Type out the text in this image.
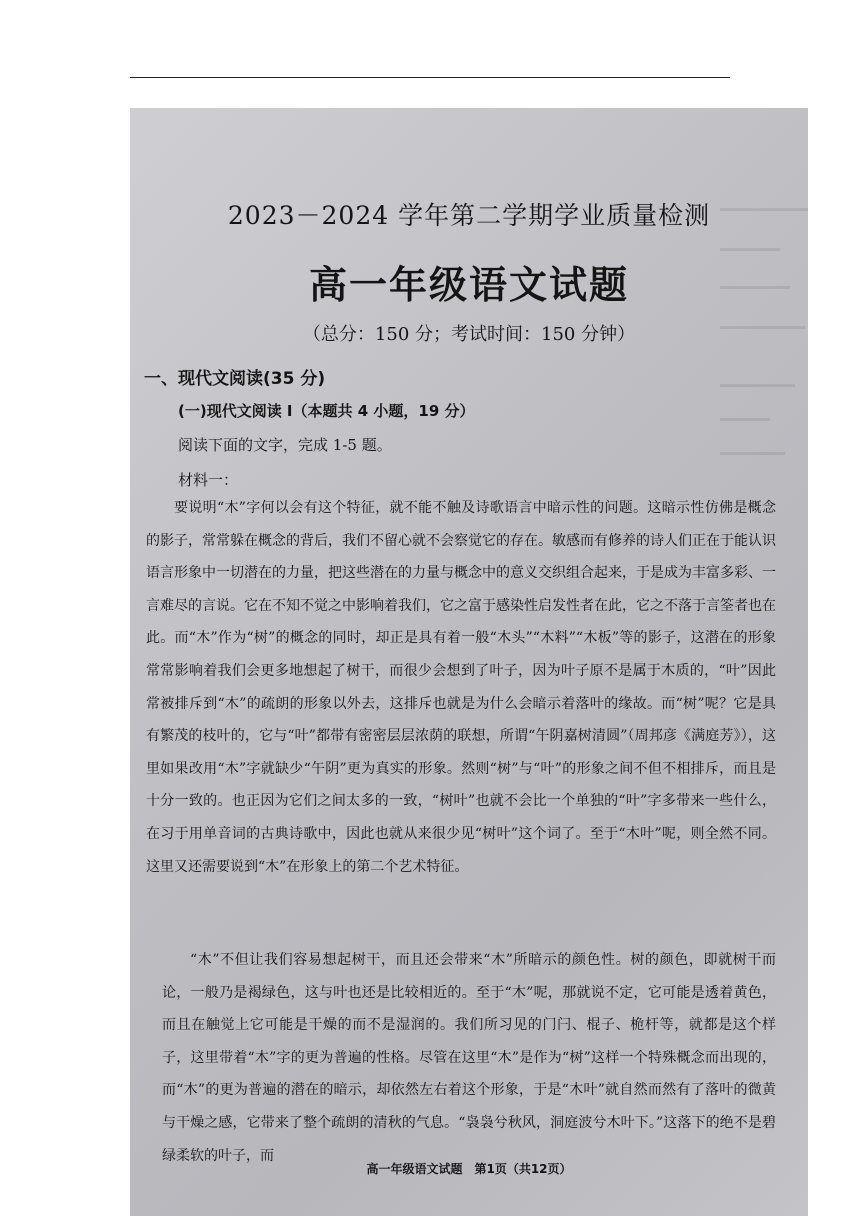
2023－2024 学年第二学期学业质量检测
高一年级语文试题
（总分：150 分；考试时间：150 分钟）
一、现代文阅读(35 分)
(一)现代文阅读 I（本题共 4 小题，19 分）
阅读下面的文字，完成 1-5 题。
材料一：

要说明“木”字何以会有这个特征，就不能不触及诗歌语言中暗示性的问题。这暗示性仿佛是概念的影子，常常躲在概念的背后，我们不留心就不会察觉它的存在。敏感而有修养的诗人们正在于能认识语言形象中一切潜在的力量，把这些潜在的力量与概念中的意义交织组合起来，于是成为丰富多彩、一言难尽的言说。它在不知不觉之中影响着我们，它之富于感染性启发性者在此，它之不落于言筌者也在此。而“木”作为“树”的概念的同时，却正是具有着一般“木头”“木料”“木板”等的影子，这潜在的形象常常影响着我们会更多地想起了树干，而很少会想到了叶子，因为叶子原不是属于木质的，“叶”因此常被排斥到“木”的疏朗的形象以外去，这排斥也就是为什么会暗示着落叶的缘故。而“树”呢？它是具有繁茂的枝叶的，它与“叶”都带有密密层层浓荫的联想，所谓“午阴嘉树清圆”（周邦彦《满庭芳》），这里如果改用“木”字就缺少“午阴”更为真实的形象。然则“树”与“叶”的形象之间不但不相排斥，而且是十分一致的。也正因为它们之间太多的一致，“树叶”也就不会比一个单独的“叶”字多带来一些什么，在习于用单音词的古典诗歌中，因此也就从来很少见“树叶”这个词了。至于“木叶”呢，则全然不同。这里又还需要说到“木”在形象上的第二个艺术特征。

“木”不但让我们容易想起树干，而且还会带来“木”所暗示的颜色性。树的颜色，即就树干而论，一般乃是褐绿色，这与叶也还是比较相近的。至于“木”呢，那就说不定，它可能是透着黄色，而且在触觉上它可能是干燥的而不是湿润的。我们所习见的门闩、棍子、桅杆等，就都是这个样子，这里带着“木”字的更为普遍的性格。尽管在这里“木”是作为“树”这样一个特殊概念而出现的，而“木”的更为普遍的潜在的暗示，却依然左右着这个形象，于是“木叶”就自然而然有了落叶的微黄与干燥之感，它带来了整个疏朗的清秋的气息。“袅袅兮秋风，洞庭波兮木叶下。”这落下的绝不是碧绿柔软的叶子，而

高一年级语文试题　第1页（共12页）
